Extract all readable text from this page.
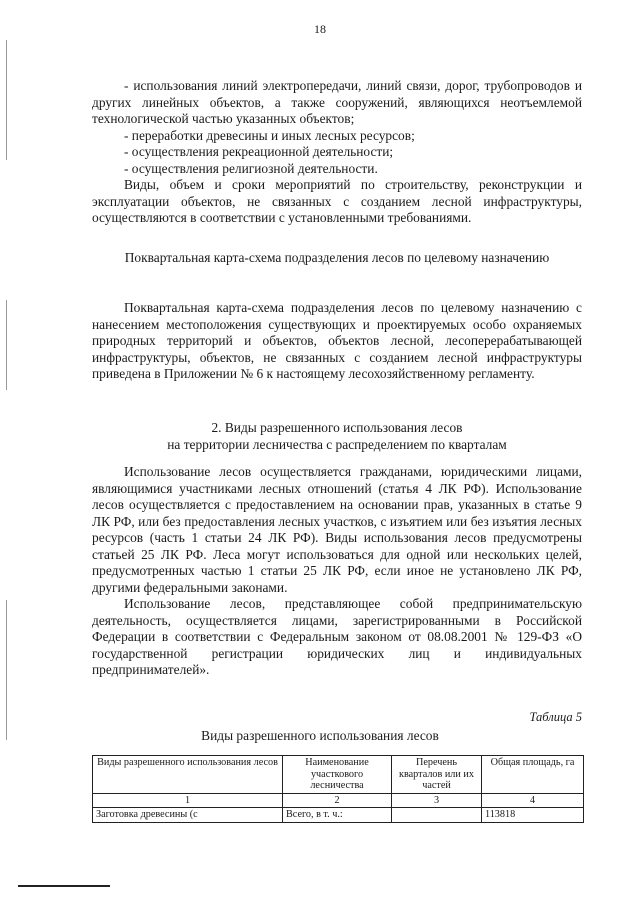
18

- использования линий электропередачи, линий связи, дорог, трубопроводов и других линейных объектов, а также сооружений, являющихся неотъемлемой технологической частью указанных объектов;

- переработки древесины и иных лесных ресурсов;

- осуществления рекреационной деятельности;

- осуществления религиозной деятельности.

Виды, объем и сроки мероприятий по строительству, реконструкции и эксплуатации объектов, не связанных с созданием лесной инфраструктуры, осуществляются в соответствии с установленными требованиями.

Поквартальная карта-схема подразделения лесов по целевому назначению

Поквартальная карта-схема подразделения лесов по целевому назначению с нанесением местоположения существующих и проектируемых особо охраняемых природных территорий и объектов, объектов лесной, лесоперерабатывающей инфраструктуры, объектов, не связанных с созданием лесной инфраструктуры приведена в Приложении № 6 к настоящему лесохозяйственному регламенту.

2. Виды разрешенного использования лесов

на территории лесничества с распределением по кварталам

Использование лесов осуществляется гражданами, юридическими лицами, являющимися участниками лесных отношений (статья 4 ЛК РФ). Использование лесов осуществляется с предоставлением на основании прав, указанных в статье 9 ЛК РФ, или без предоставления лесных участков, с изъятием или без изъятия лесных ресурсов (часть 1 статьи 24 ЛК РФ). Виды использования лесов предусмотрены статьей 25 ЛК РФ. Леса могут использоваться для одной или нескольких целей, предусмотренных частью 1 статьи 25 ЛК РФ, если иное не установлено ЛК РФ, другими федеральными законами.

Использование лесов, представляющее собой предпринимательскую деятельность, осуществляется лицами, зарегистрированными в Российской Федерации в соответствии с Федеральным законом от 08.08.2001 № 129-ФЗ «О государственной регистрации юридических лиц и индивидуальных предпринимателей».

Таблица 5
Виды разрешенного использования лесов
Виды разрешенного использования лесов	Наименование участкового лесничества	Перечень кварталов или их частей	Общая площадь, га
1	2	3	4
Заготовка древесины (с	Всего, в т. ч.:		113818
